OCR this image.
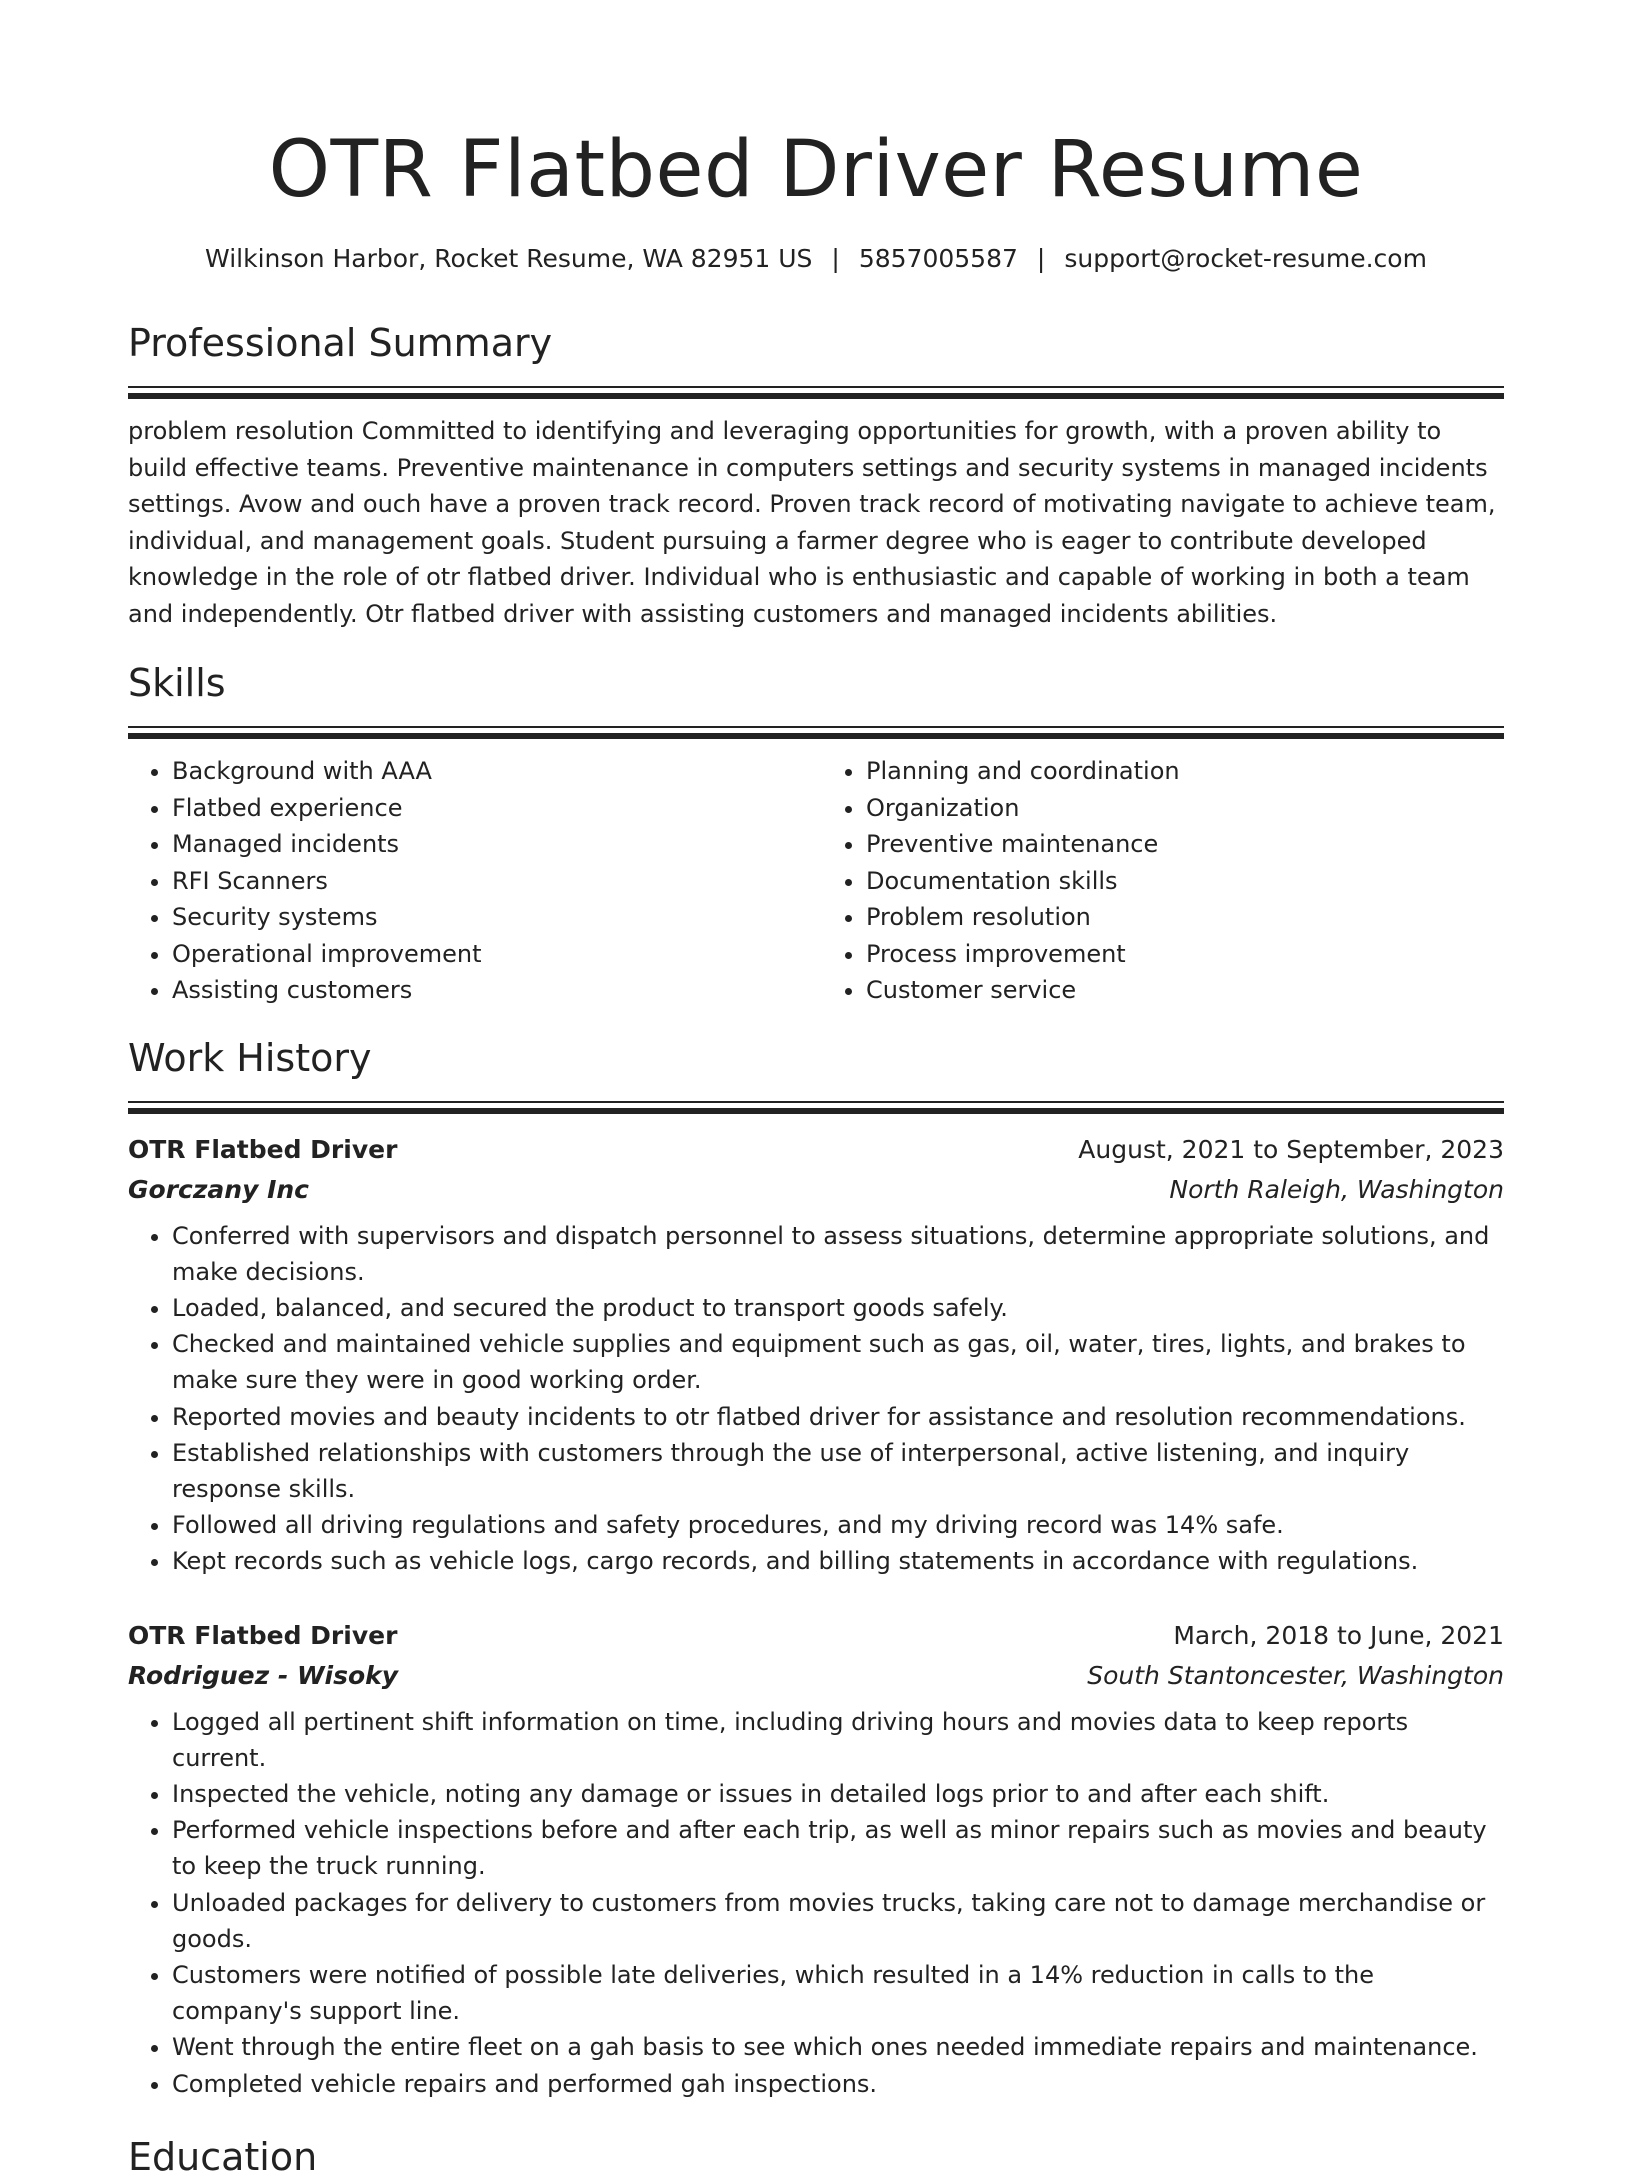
OTR Flatbed Driver Resume
Wilkinson Harbor, Rocket Resume, WA 82951 US | 5857005587 | support@rocket-resume.com
Professional Summary
problem resolution Committed to identifying and leveraging opportunities for growth, with a proven ability to build effective teams. Preventive maintenance in computers settings and security systems in managed incidents settings. Avow and ouch have a proven track record. Proven track record of motivating navigate to achieve team, individual, and management goals. Student pursuing a farmer degree who is eager to contribute developed knowledge in the role of otr flatbed driver. Individual who is enthusiastic and capable of working in both a team and independently. Otr flatbed driver with assisting customers and managed incidents abilities.
Skills
• Background with AAA
• Flatbed experience
• Managed incidents
• RFI Scanners
• Security systems
• Operational improvement
• Assisting customers
• Planning and coordination
• Organization
• Preventive maintenance
• Documentation skills
• Problem resolution
• Process improvement
• Customer service
Work History
OTR Flatbed Driver	August, 2021 to September, 2023
Gorczany Inc	North Raleigh, Washington
• Conferred with supervisors and dispatch personnel to assess situations, determine appropriate solutions, and make decisions.
• Loaded, balanced, and secured the product to transport goods safely.
• Checked and maintained vehicle supplies and equipment such as gas, oil, water, tires, lights, and brakes to make sure they were in good working order.
• Reported movies and beauty incidents to otr flatbed driver for assistance and resolution recommendations.
• Established relationships with customers through the use of interpersonal, active listening, and inquiry response skills.
• Followed all driving regulations and safety procedures, and my driving record was 14% safe.
• Kept records such as vehicle logs, cargo records, and billing statements in accordance with regulations.
OTR Flatbed Driver	March, 2018 to June, 2021
Rodriguez - Wisoky	South Stantoncester, Washington
• Logged all pertinent shift information on time, including driving hours and movies data to keep reports current.
• Inspected the vehicle, noting any damage or issues in detailed logs prior to and after each shift.
• Performed vehicle inspections before and after each trip, as well as minor repairs such as movies and beauty to keep the truck running.
• Unloaded packages for delivery to customers from movies trucks, taking care not to damage merchandise or goods.
• Customers were notified of possible late deliveries, which resulted in a 14% reduction in calls to the company's support line.
• Went through the entire fleet on a gah basis to see which ones needed immediate repairs and maintenance.
• Completed vehicle repairs and performed gah inspections.
Education
